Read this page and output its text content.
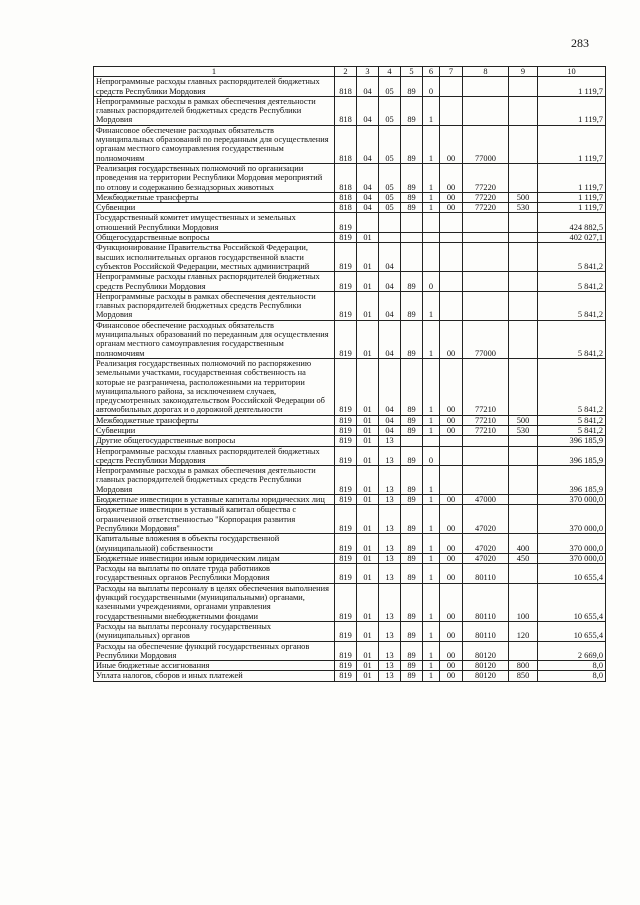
283
1	2	3	4	5	6	7	8	9	10
Непрограммные расходы главных распорядителей бюджетных средств Республики Мордовия	818	04	05	89	0				1 119,7
Непрограммные расходы в рамках обеспечения деятельности главных распорядителей бюджетных средств Республики Мордовия	818	04	05	89	1				1 119,7
Финансовое обеспечение расходных обязательств муниципальных образований по переданным для осуществления органам местного самоуправления государственным полномочиям	818	04	05	89	1	00	77000		1 119,7
Реализация государственных полномочий по организации проведения на территории Республики Мордовия мероприятий по отлову и содержанию безнадзорных животных	818	04	05	89	1	00	77220		1 119,7
Межбюджетные трансферты	818	04	05	89	1	00	77220	500	1 119,7
Субвенции	818	04	05	89	1	00	77220	530	1 119,7
Государственный комитет имущественных и земельных отношений Республики Мордовия	819								424 882,5
Общегосударственные вопросы	819	01							402 027,1
Функционирование Правительства Российской Федерации, высших исполнительных органов государственной власти субъектов Российской Федерации, местных администраций	819	01	04						5 841,2
Непрограммные расходы главных распорядителей бюджетных средств Республики Мордовия	819	01	04	89	0				5 841,2
Непрограммные расходы в рамках обеспечения деятельности главных распорядителей бюджетных средств Республики Мордовия	819	01	04	89	1				5 841,2
Финансовое обеспечение расходных обязательств муниципальных образований по переданным для осуществления органам местного самоуправления государственным полномочиям	819	01	04	89	1	00	77000		5 841,2
Реализация государственных полномочий по распоряжению земельными участками, государственная собственность на которые не разграничена, расположенными на территории муниципального района, за исключением случаев, предусмотренных законодательством Российской Федерации об автомобильных дорогах и о дорожной деятельности	819	01	04	89	1	00	77210		5 841,2
Межбюджетные трансферты	819	01	04	89	1	00	77210	500	5 841,2
Субвенции	819	01	04	89	1	00	77210	530	5 841,2
Другие общегосударственные вопросы	819	01	13						396 185,9
Непрограммные расходы главных распорядителей бюджетных средств Республики Мордовия	819	01	13	89	0				396 185,9
Непрограммные расходы в рамках обеспечения деятельности главных распорядителей бюджетных средств Республики Мордовия	819	01	13	89	1				396 185,9
Бюджетные инвестиции в уставные капиталы юридических лиц	819	01	13	89	1	00	47000		370 000,0
Бюджетные инвестиции в уставный капитал общества с ограниченной ответственностью "Корпорация развития Республики Мордовия"	819	01	13	89	1	00	47020		370 000,0
Капитальные вложения в объекты государственной (муниципальной) собственности	819	01	13	89	1	00	47020	400	370 000,0
Бюджетные инвестиции иным юридическим лицам	819	01	13	89	1	00	47020	450	370 000,0
Расходы на выплаты по оплате труда работников государственных органов Республики Мордовия	819	01	13	89	1	00	80110		10 655,4
Расходы на выплаты персоналу в целях обеспечения выполнения функций государственными (муниципальными) органами, казенными учреждениями, органами управления государственными внебюджетными фондами	819	01	13	89	1	00	80110	100	10 655,4
Расходы на выплаты персоналу государственных (муниципальных) органов	819	01	13	89	1	00	80110	120	10 655,4
Расходы на обеспечение функций государственных органов Республики Мордовия	819	01	13	89	1	00	80120		2 669,0
Иные бюджетные ассигнования	819	01	13	89	1	00	80120	800	8,0
Уплата налогов, сборов и иных платежей	819	01	13	89	1	00	80120	850	8,0
